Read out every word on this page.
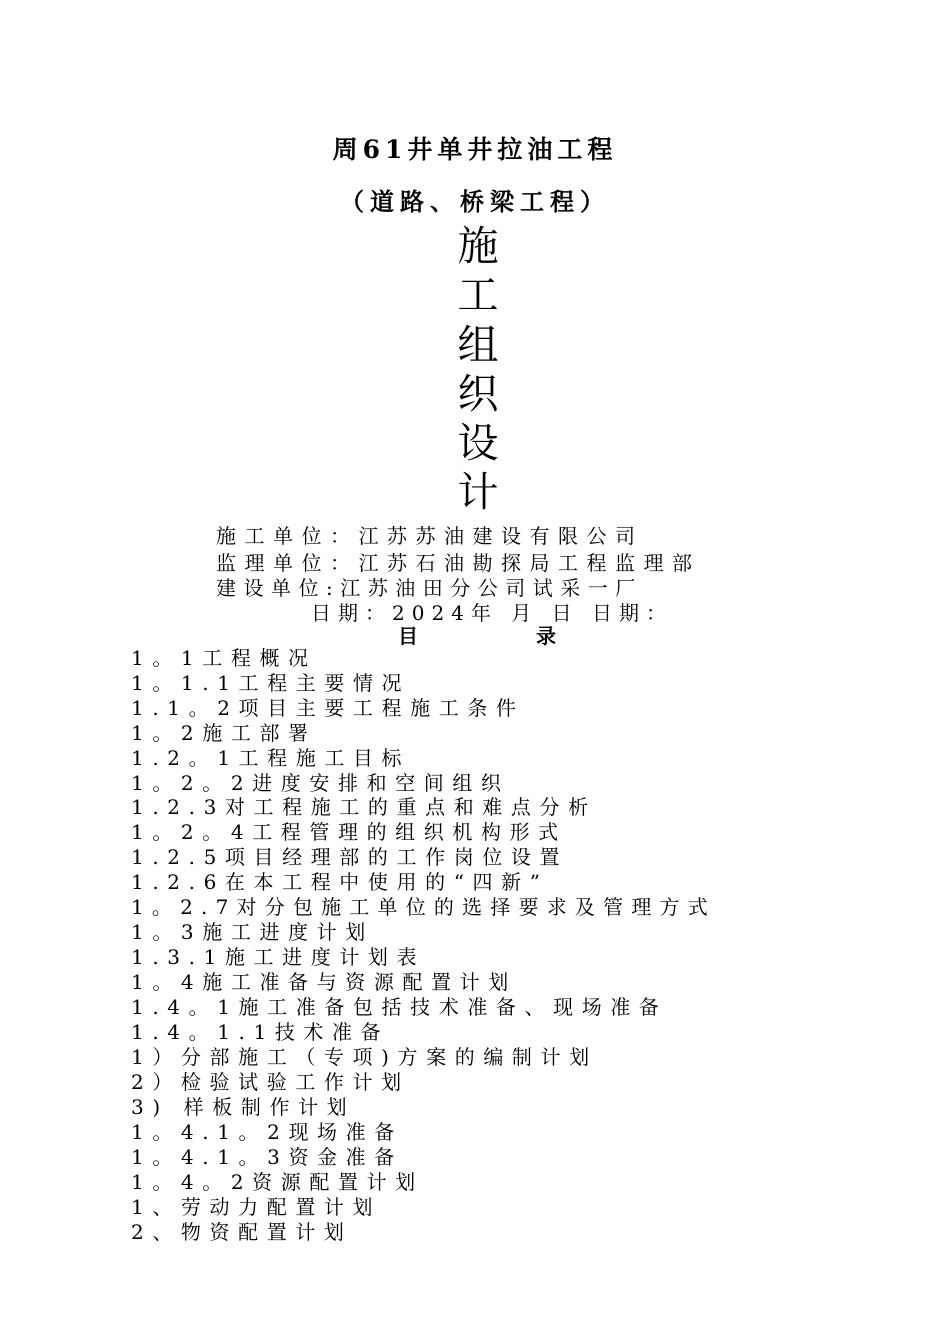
周61井单井拉油工程
（道路、桥梁工程）
施
工
组
织
设
计
施工单位：江苏苏油建设有限公司
监理单位：江苏石油勘探局工程监理部
建设单位:江苏油田分公司试采一厂
日期：2024年 月 日 日期：
目	录
1。1工程概况
1。1.1工程主要情况
1.1。2项目主要工程施工条件
1。2施工部署
1.2。1工程施工目标
1。2。2进度安排和空间组织
1.2.3对工程施工的重点和难点分析
1。2。4工程管理的组织机构形式
1.2.5项目经理部的工作岗位设置
1.2.6在本工程中使用的“四新”
1。2.7对分包施工单位的选择要求及管理方式
1。3施工进度计划
1.3.1施工进度计划表
1。4施工准备与资源配置计划
1.4。1施工准备包括技术准备、现场准备
1.4。1.1技术准备
1）分部施工（专项)方案的编制计划
2）检验试验工作计划
3) 样板制作计划
1。4.1。2现场准备
1。4.1。3资金准备
1。4。2资源配置计划
1、劳动力配置计划
2、物资配置计划
